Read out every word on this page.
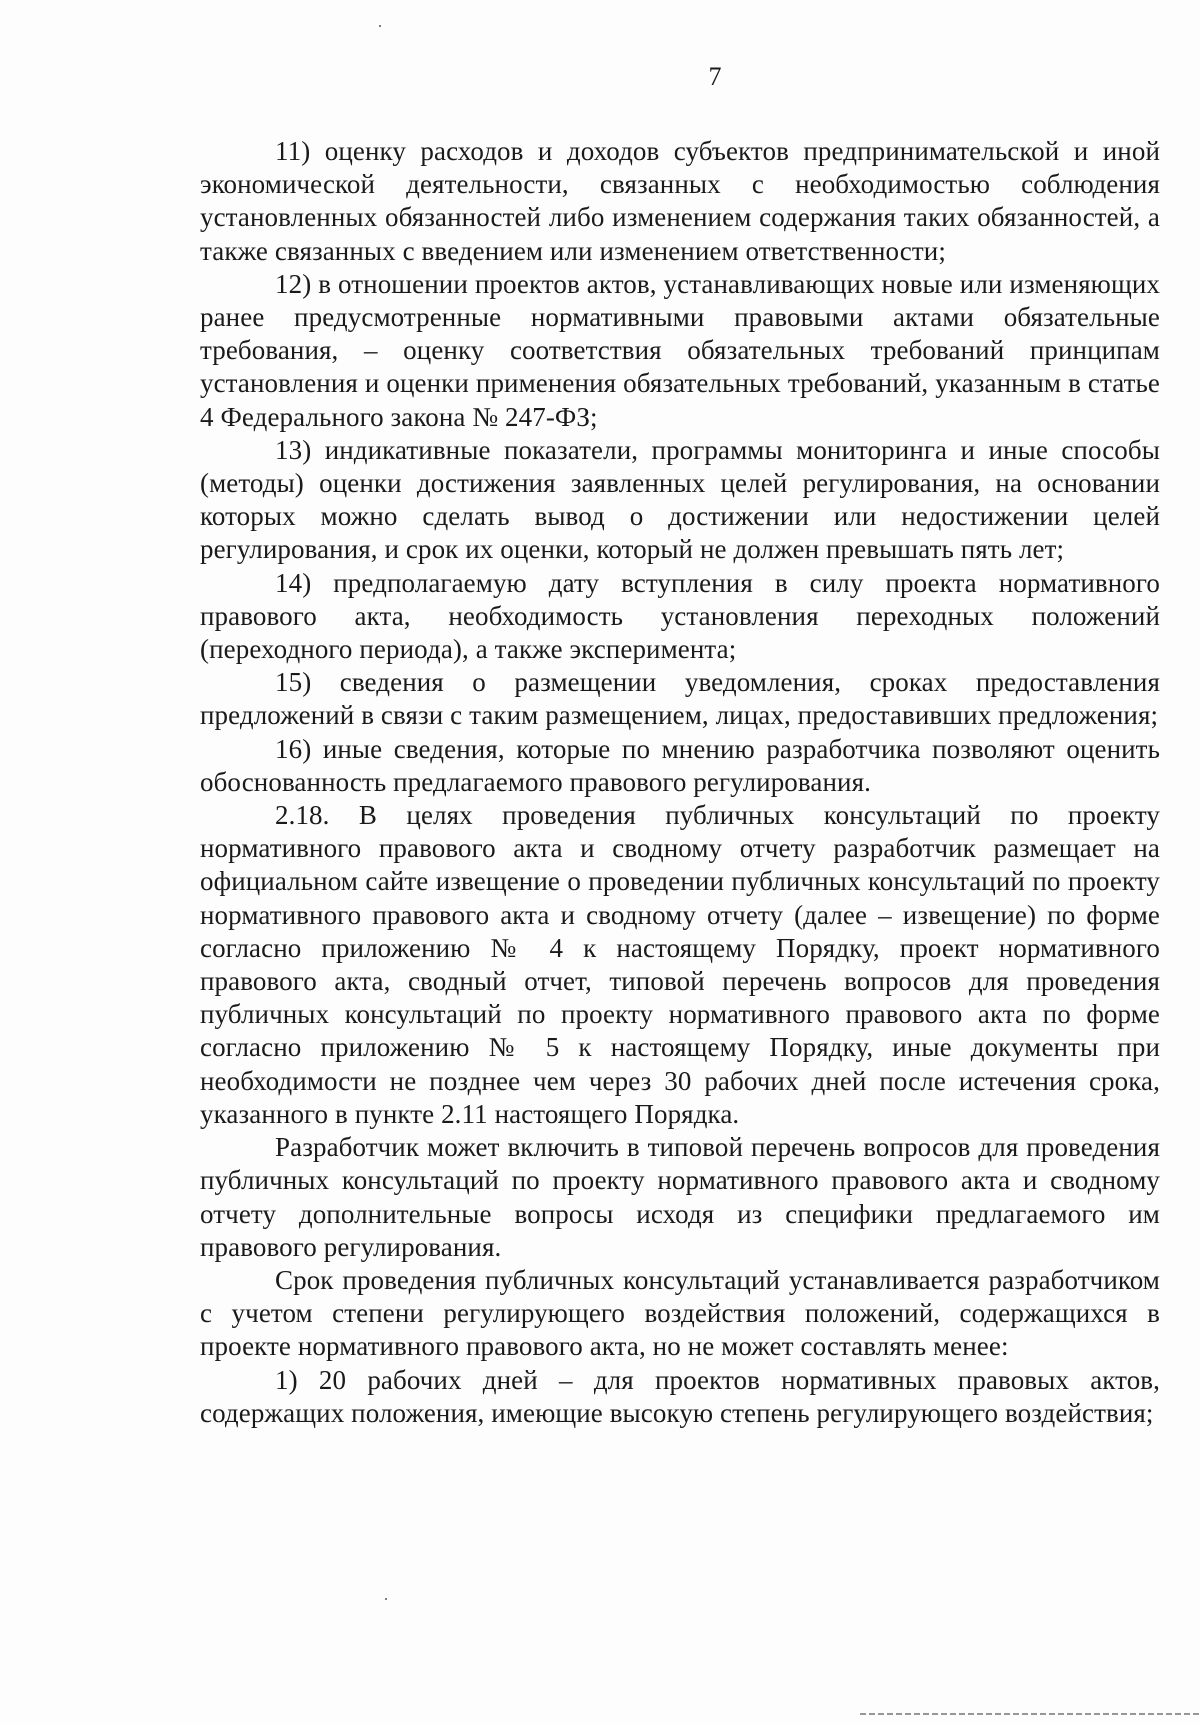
7

11) оценку расходов и доходов субъектов предпринимательской и иной экономической деятельности, связанных с необходимостью соблюдения установленных обязанностей либо изменением содержания таких обязанностей, а также связанных с введением или изменением ответственности;

12) в отношении проектов актов, устанавливающих новые или изменяющих ранее предусмотренные нормативными правовыми актами обязательные требования, – оценку соответствия обязательных требований принципам установления и оценки применения обязательных требований, указанным в статье 4 Федерального закона № 247-ФЗ;

13) индикативные показатели, программы мониторинга и иные способы (методы) оценки достижения заявленных целей регулирования, на основании которых можно сделать вывод о достижении или недостижении целей регулирования, и срок их оценки, который не должен превышать пять лет;

14) предполагаемую дату вступления в силу проекта нормативного правового акта, необходимость установления переходных положений (переходного периода), а также эксперимента;

15) сведения о размещении уведомления, сроках предоставления предложений в связи с таким размещением, лицах, предоставивших предложения;

16) иные сведения, которые по мнению разработчика позволяют оценить обоснованность предлагаемого правового регулирования.

2.18. В целях проведения публичных консультаций по проекту нормативного правового акта и сводному отчету разработчик размещает на официальном сайте извещение о проведении публичных консультаций по проекту нормативного правового акта и сводному отчету (далее – извещение) по форме согласно приложению № 4 к настоящему Порядку, проект нормативного правового акта, сводный отчет, типовой перечень вопросов для проведения публичных консультаций по проекту нормативного правового акта по форме согласно приложению № 5 к настоящему Порядку, иные документы при необходимости не позднее чем через 30 рабочих дней после истечения срока, указанного в пункте 2.11 настоящего Порядка.

Разработчик может включить в типовой перечень вопросов для проведения публичных консультаций по проекту нормативного правового акта и сводному отчету дополнительные вопросы исходя из специфики предлагаемого им правового регулирования.

Срок проведения публичных консультаций устанавливается разработчиком с учетом степени регулирующего воздействия положений, содержащихся в проекте нормативного правового акта, но не может составлять менее:

1) 20 рабочих дней – для проектов нормативных правовых актов, содержащих положения, имеющие высокую степень регулирующего воздействия;
